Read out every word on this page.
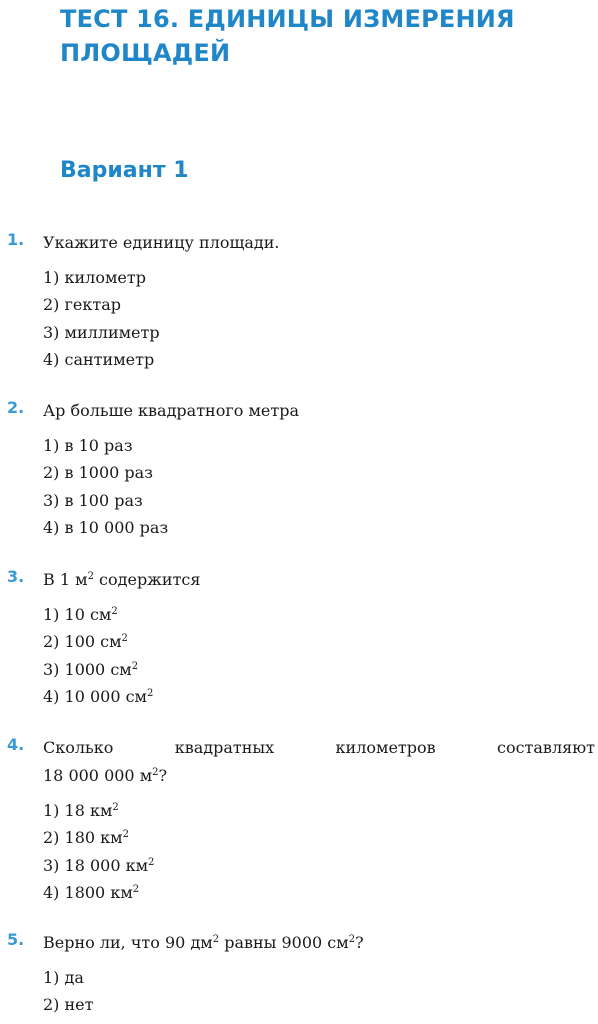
ТЕСТ 16. ЕДИНИЦЫ ИЗМЕРЕНИЯ
ПЛОЩАДЕЙ
Вариант 1
1. Укажите единицу площади.
1) километр
2) гектар
3) миллиметр
4) сантиметр
2. Ар больше квадратного метра
1) в 10 раз
2) в 1000 раз
3) в 100 раз
4) в 10 000 раз
3. В 1 $м^2$ содержится
1) 10 $см^2$
2) 100 $см^2$
3) 1000 $см^2$
4) 10 000 $см^2$
4. Сколько	квадратных	километров	составляют
18 000 000 $м^2$?
1) 18 $км^2$
2) 180 $км^2$
3) 18 000 $км^2$
4) 1800 $км^2$
5. Верно ли, что 90 $дм^2$ равны 9000 $см^2$?
1) да
2) нет
